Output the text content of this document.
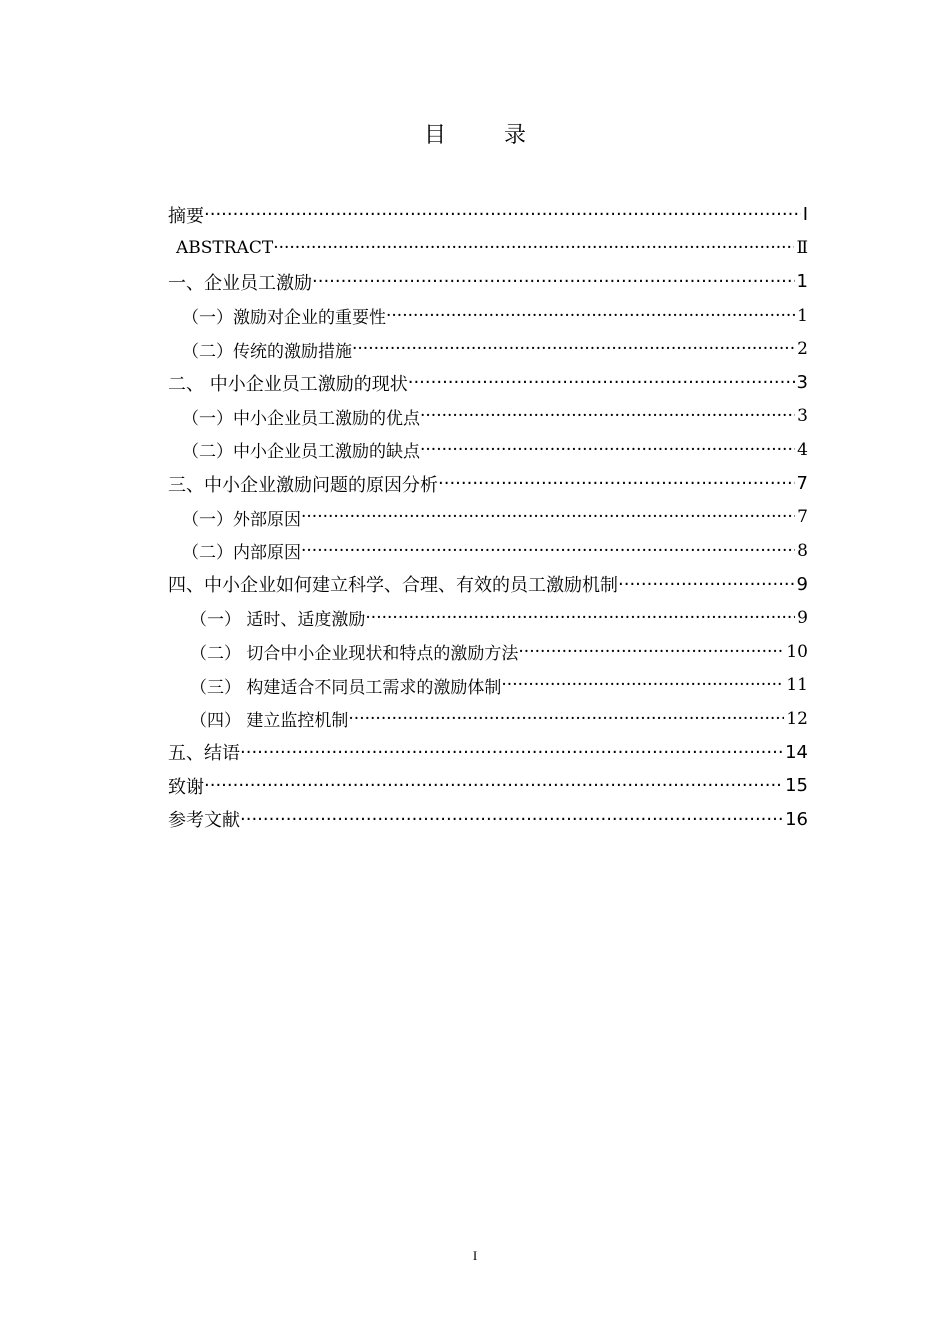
目　录
摘要 ·····	Ⅰ
ABSTRACT ·····	Ⅱ
一、企业员工激励 ·····	1
（一）激励对企业的重要性 ·····	1
（二）传统的激励措施 ·····	2
二、 中小企业员工激励的现状 ·····	3
（一）中小企业员工激励的优点 ·····	3
（二）中小企业员工激励的缺点 ·····	4
三、中小企业激励问题的原因分析 ·····	7
（一）外部原因 ·····	7
（二）内部原因 ·····	8
四、中小企业如何建立科学、合理、有效的员工激励机制 ·····	9
（一） 适时、适度激励 ·····	9
（二） 切合中小企业现状和特点的激励方法 ·····	10
（三） 构建适合不同员工需求的激励体制 ·····	11
（四） 建立监控机制 ·····	12
五、结语 ·····	14
致谢 ·····	15
参考文献 ·····	16
I
